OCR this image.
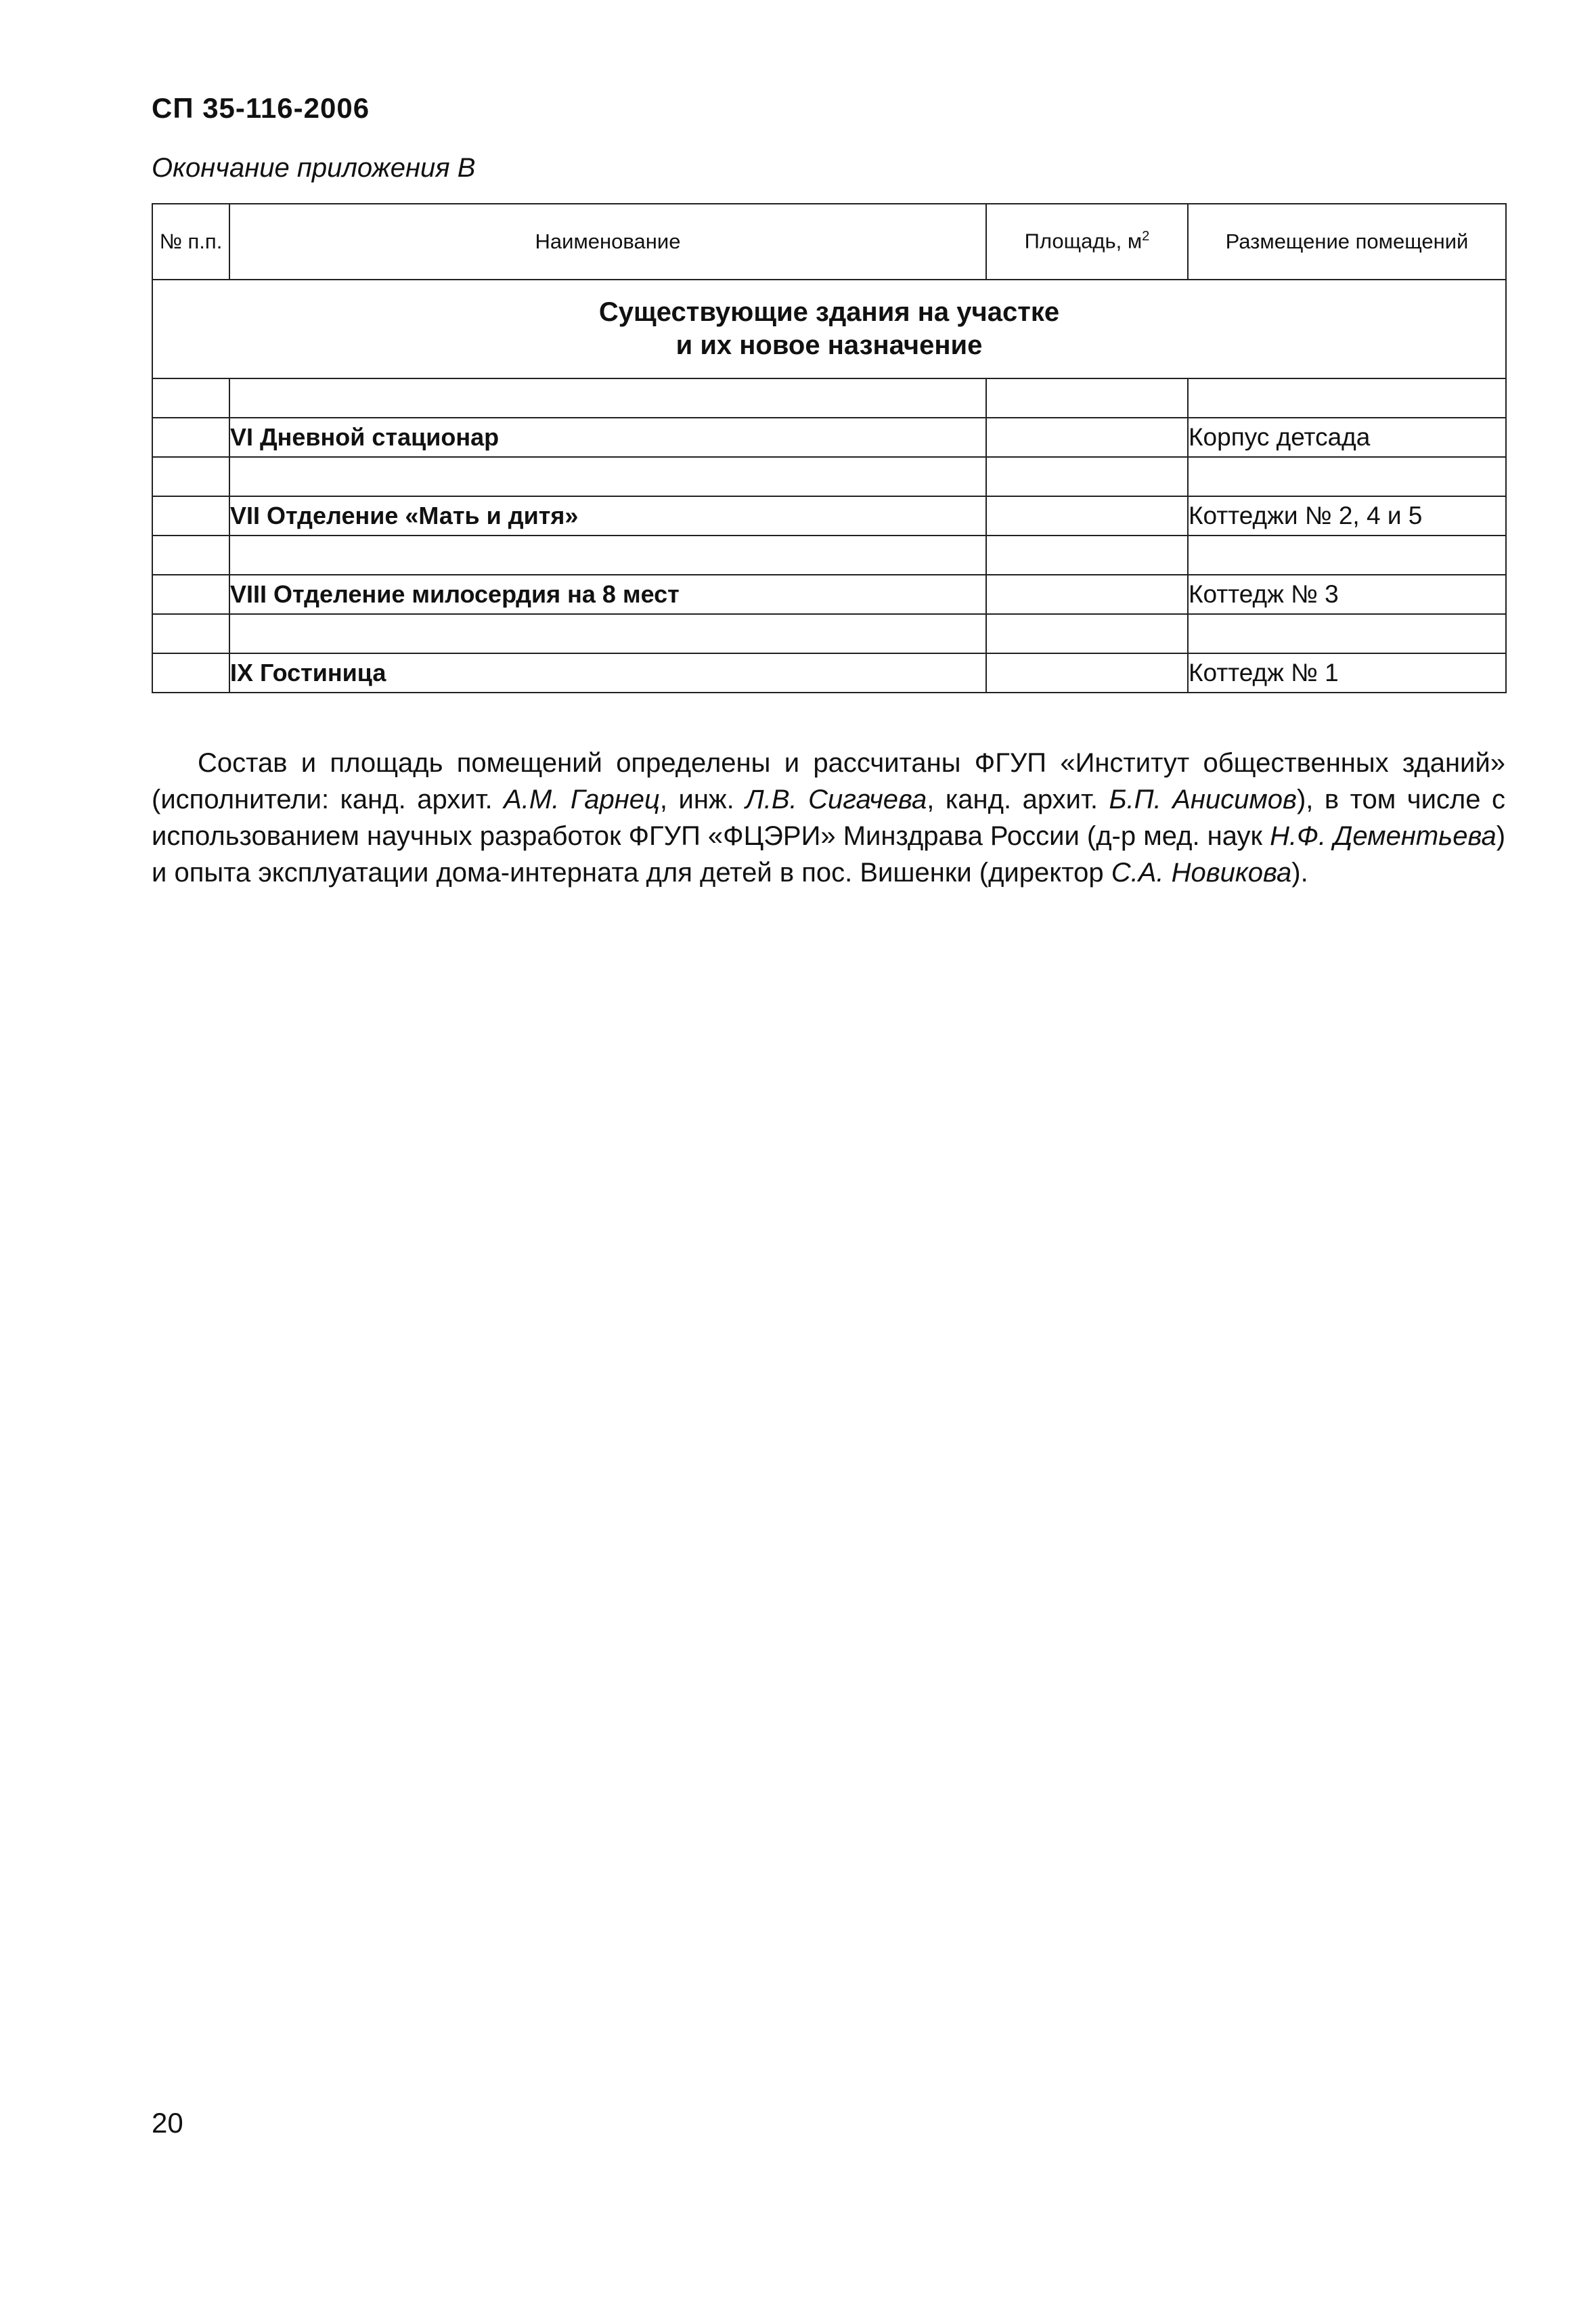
СП 35-116-2006
Окончание приложения В
№ п.п.	Наименование	Площадь, $м^2$	Размещение помещений

Существующие здания на участке
и их новое назначение			

	VI Дневной стационар		Корпус детсада

	VII Отделение «Мать и дитя»		Коттеджи № 2, 4 и 5

	VIII Отделение милосердия на 8 мест		Коттедж № 3

	IX Гостиница		Коттедж № 1

Состав и площадь помещений определены и рассчитаны ФГУП «Институт общественных зданий» (исполнители: канд. архит. А.М. Гарнец, инж. Л.В. Сигачева, канд. архит. Б.П. Анисимов), в том числе с использованием научных разработок ФГУП «ФЦЭРИ» Минздрава России (д-р мед. наук Н.Ф. Дементьева) и опыта эксплуатации дома-интерната для детей в пос. Вишенки (директор С.А. Новикова).

20
